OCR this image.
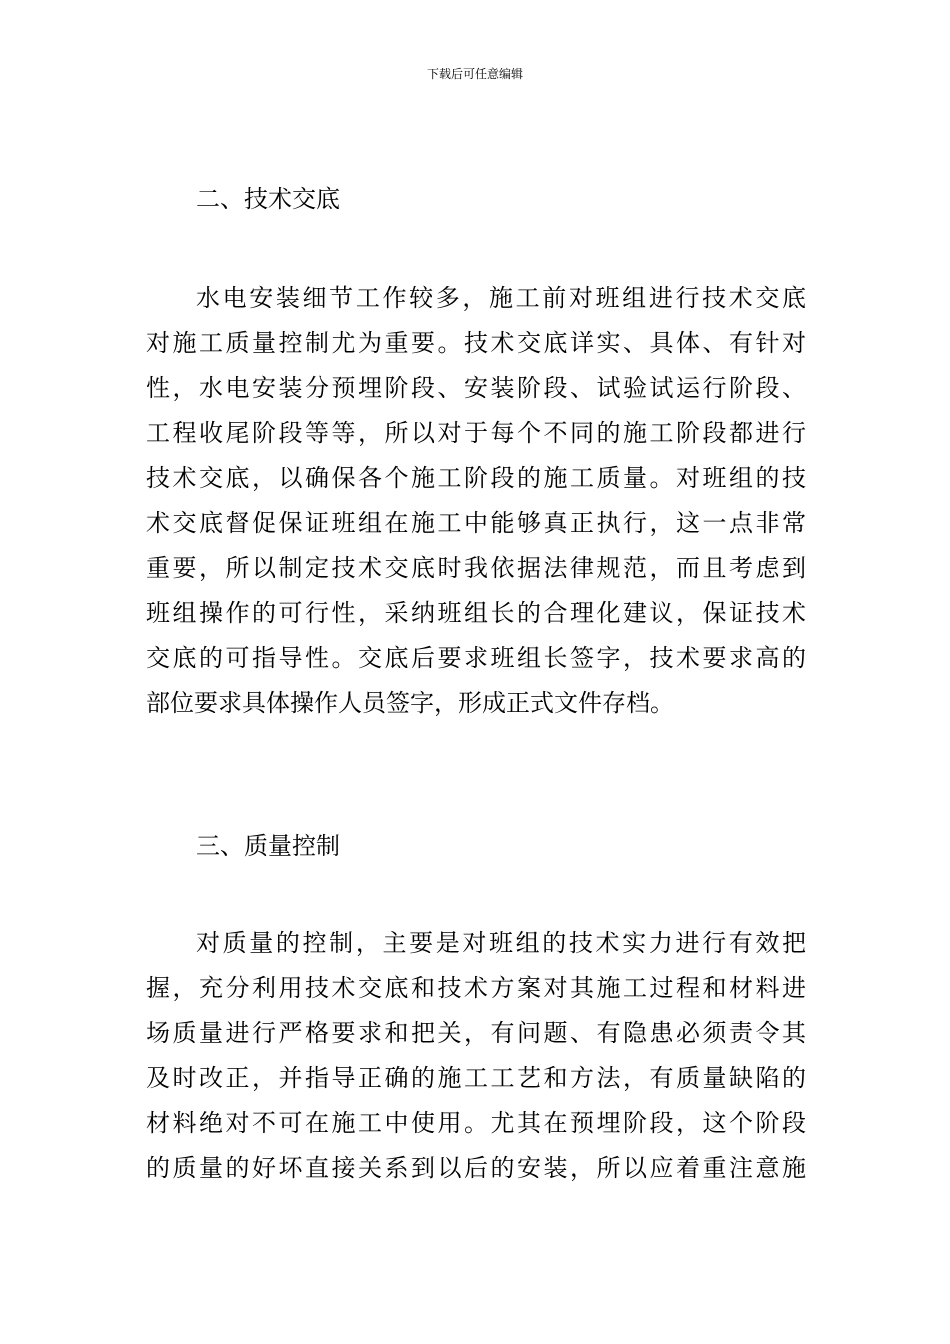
下载后可任意编辑
二、技术交底
水电安装细节工作较多，施工前对班组进行技术交底
对施工质量控制尤为重要。技术交底详实、具体、有针对
性，水电安装分预埋阶段、安装阶段、试验试运行阶段、
工程收尾阶段等等，所以对于每个不同的施工阶段都进行
技术交底，以确保各个施工阶段的施工质量。对班组的技
术交底督促保证班组在施工中能够真正执行，这一点非常
重要，所以制定技术交底时我依据法律规范，而且考虑到
班组操作的可行性，采纳班组长的合理化建议，保证技术
交底的可指导性。交底后要求班组长签字，技术要求高的
部位要求具体操作人员签字，形成正式文件存档。
三、质量控制
对质量的控制，主要是对班组的技术实力进行有效把
握，充分利用技术交底和技术方案对其施工过程和材料进
场质量进行严格要求和把关，有问题、有隐患必须责令其
及时改正，并指导正确的施工工艺和方法，有质量缺陷的
材料绝对不可在施工中使用。尤其在预埋阶段，这个阶段
的质量的好坏直接关系到以后的安装，所以应着重注意施
